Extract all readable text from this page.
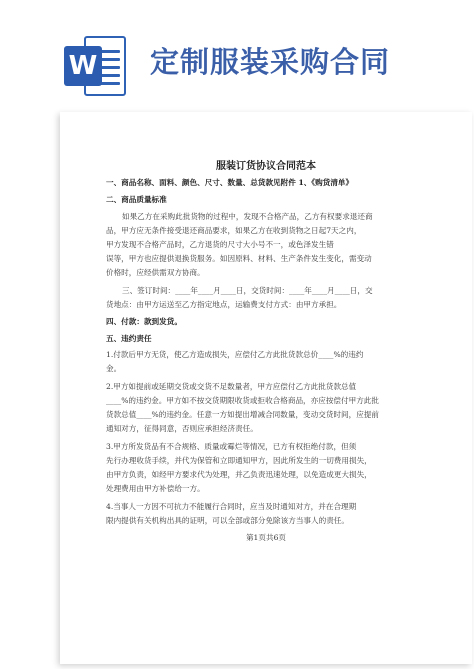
W 定制服装采购合同
服装订货协议合同范本
一、商品名称、面料、颜色、尺寸、数量、总货款见附件 1、《购货清单》
二、商品质量标准
如果乙方在采购此批货物的过程中，发现不合格产品，乙方有权要求退还商
品，甲方应无条件接受退还商品要求，如果乙方在收到货物之日起7天之内，
甲方发现不合格产品时，乙方退货的尺寸大小号不一，或色泽发生错
误等，甲方也应提供退换货服务。如因原料、材料、生产条件发生变化，需变动
价格时，应经供需双方协商。
三、签订时间：____年____月____日，交货时间：____年____月____日，交
货地点：由甲方运送至乙方指定地点，运输费支付方式：由甲方承担。
四、付款：款到发货。
五、违约责任
1.付款后甲方无货，使乙方造成损失，应偿付乙方此批货款总价____%的违约
金。
2.甲方如提前或延期交货或交货不足数量者，甲方应偿付乙方此批货款总值
____%的违约金。甲方如不按交货期限收货或拒收合格商品，亦应按偿付甲方此批
货款总值____%的违约金。任意一方如提出增减合同数量，变动交货时间，应提前
通知对方，征得同意，否则应承担经济责任。
3.甲方所发货品有不合规格、质量或霉烂等情况，已方有权拒绝付款，但须
先行办理收货手续，并代为保管和立即通知甲方，因此所发生的一切费用损失，
由甲方负责，如经甲方要求代为处理，并乙负责迅速处理，以免造成更大损失，
处理费用由甲方补偿给一方。
4.当事人一方因不可抗力不能履行合同时，应当及时通知对方，并在合理期
限内提供有关机构出具的证明，可以全部或部分免除该方当事人的责任。
第1页共6页
